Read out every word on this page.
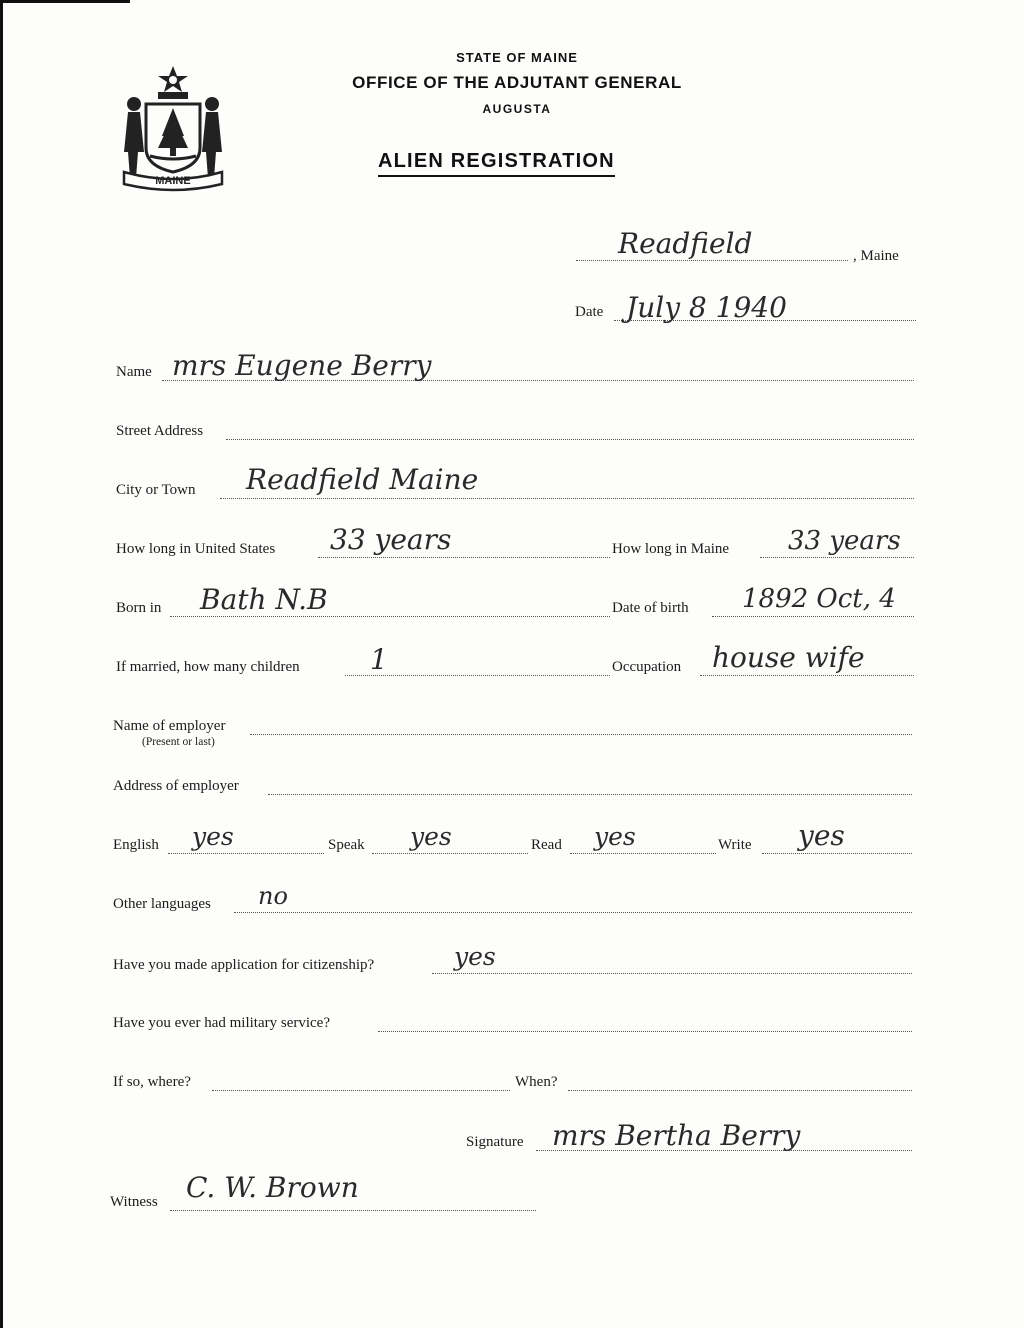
MAINE
STATE OF MAINE
OFFICE OF THE ADJUTANT GENERAL
AUGUSTA
ALIEN REGISTRATION
Readfield	, Maine
Date July 8 1940
Name mrs Eugene Berry
Street Address
City or Town Readfield Maine
How long in United States 33 years	How long in Maine 33 years
Born in Bath N.B	Date of birth 1892 Oct, 4
If married, how many children	1	Occupation house wife
Name of employer
(Present or last)
Address of employer
English yes	Speak yes	Read yes	Write yes
Other languages no
Have you made application for citizenship?	yes
Have you ever had military service?
If so, where?	When?
Signature mrs Bertha Berry
Witness C. W. Brown
